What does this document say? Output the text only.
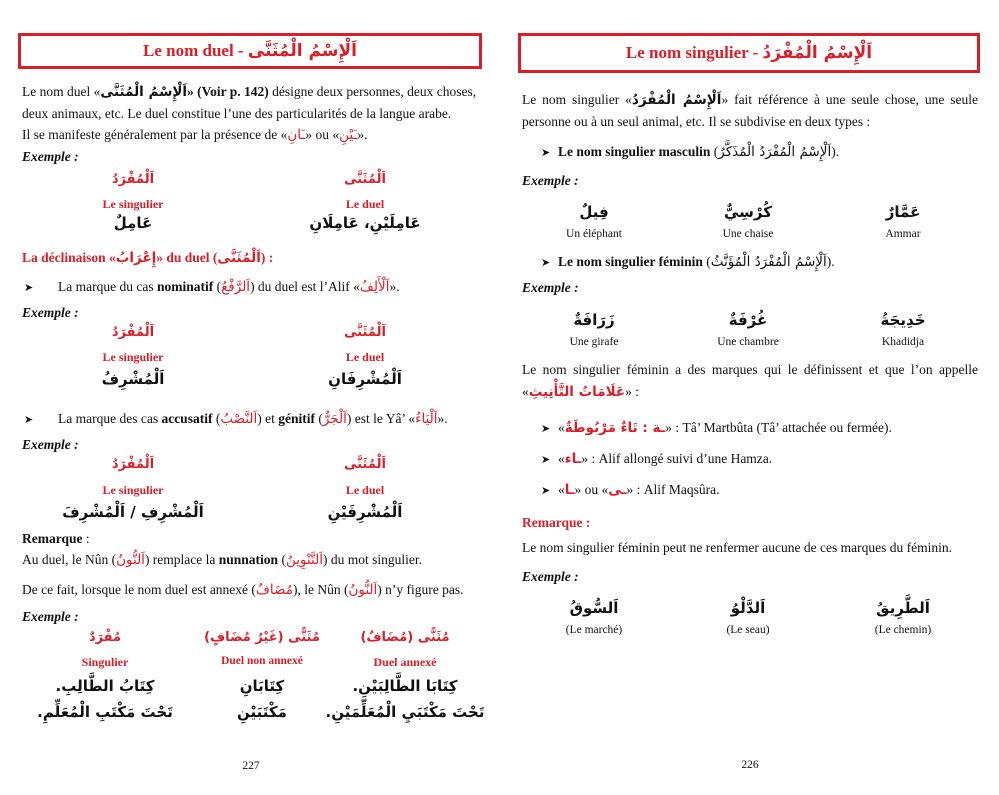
Le nom duel - اَلْإِسْمُ الْمُثَنَّى
Le nom duel «اَلْإِسْمُ الْمُثَنَّى» (Voir p. 142) désigne deux personnes, deux choses,
deux animaux, etc. Le duel constitue l’une des particularités de la langue arabe.
Il se manifeste généralement par la présence de «ـَانِ» ou «ـَيْنِ».
Exemple :
اَلْمُفْرَدُ
Le singulier
عَامِلٌ
اَلْمُثَنَّى
Le duel
عَامِلَيْنِ، عَامِلَانِ
La déclinaison «إِعْرَابُ» du duel (اَلْمُثَنَّى) :
➤ La marque du cas nominatif (اَلرَّفْعُ) du duel est l’Alif «اَلْأَلِفُ».
Exemple :
اَلْمُفْرَدُ
Le singulier
اَلْمُشْرِفُ
اَلْمُثَنَّى
Le duel
اَلْمُشْرِفَانِ
➤ La marque des cas accusatif (اَلنَّصْبُ) et génitif (اَلْجَرُّ) est le Yâ’ «اَلْيَاءُ».
Exemple :
اَلْمُفْرَدُ
Le singulier
اَلْمُشْرِفِ / اَلْمُشْرِفَ
اَلْمُثَنَّى
Le duel
اَلْمُشْرِفَيْنِ
Remarque :
Au duel, le Nûn (اَلنُّونُ) remplace la nunnation (اَلتَّنْوِينُ) du mot singulier.
De ce fait, lorsque le nom duel est annexé (مُضَافٌ), le Nûn (اَلنُّونُ) n’y figure pas.
Exemple :
مُفْرَدٌ
Singulier
كِتَابُ الطَّالِبِ.
تَحْتَ مَكْتَبِ الْمُعَلِّمِ.
مُثَنًّى (غَيْرُ مُضَافٍ)
Duel non annexé
كِتَابَانِ
مَكْتَبَيْنِ
مُثَنًّى (مُضَافٌ)
Duel annexé
كِتَابَا الطَّالِبَيْنِ.
تَحْتَ مَكْتَبَيِ الْمُعَلِّمَيْنِ.
227
Le nom singulier - اَلْإِسْمُ الْمُفْرَدُ
Le nom singulier «اَلْإِسْمُ الْمُفْرَدُ» fait référence à une seule chose, une seule
personne ou à un seul animal, etc. Il se subdivise en deux types :
➤ Le nom singulier masculin (اَلْإِسْمُ الْمُفْرَدُ الْمُذَكَّرُ).
Exemple :
فِيلٌ
Un éléphant
كُرْسِيٌّ
Une chaise
عَمَّارٌ
Ammar
➤ Le nom singulier féminin (اَلْإِسْمُ الْمُفْرَدُ الْمُؤَنَّثُ).
Exemple :
زَرَافَةٌ
Une girafe
غُرْفَةٌ
Une chambre
خَدِيجَةُ
Khadidja
Le nom singulier féminin a des marques qui le définissent et que l’on appelle
«عَلَامَاتُ التَّأْنِيثِ» :
➤ «ـة : تَاءٌ مَرْبُوطَةٌ» : Tâ’ Martbûta (Tâ’ attachée ou fermée).
➤ «ـاء» : Alif allongé suivi d’une Hamza.
➤ «ـا» ou «ـى» : Alif Maqsûra.
Remarque :
Le nom singulier féminin peut ne renfermer aucune de ces marques du féminin.
Exemple :
اَلسُّوقُ
(Le marché)
اَلدَّلْوُ
(Le seau)
اَلطَّرِيقُ
(Le chemin)
226
